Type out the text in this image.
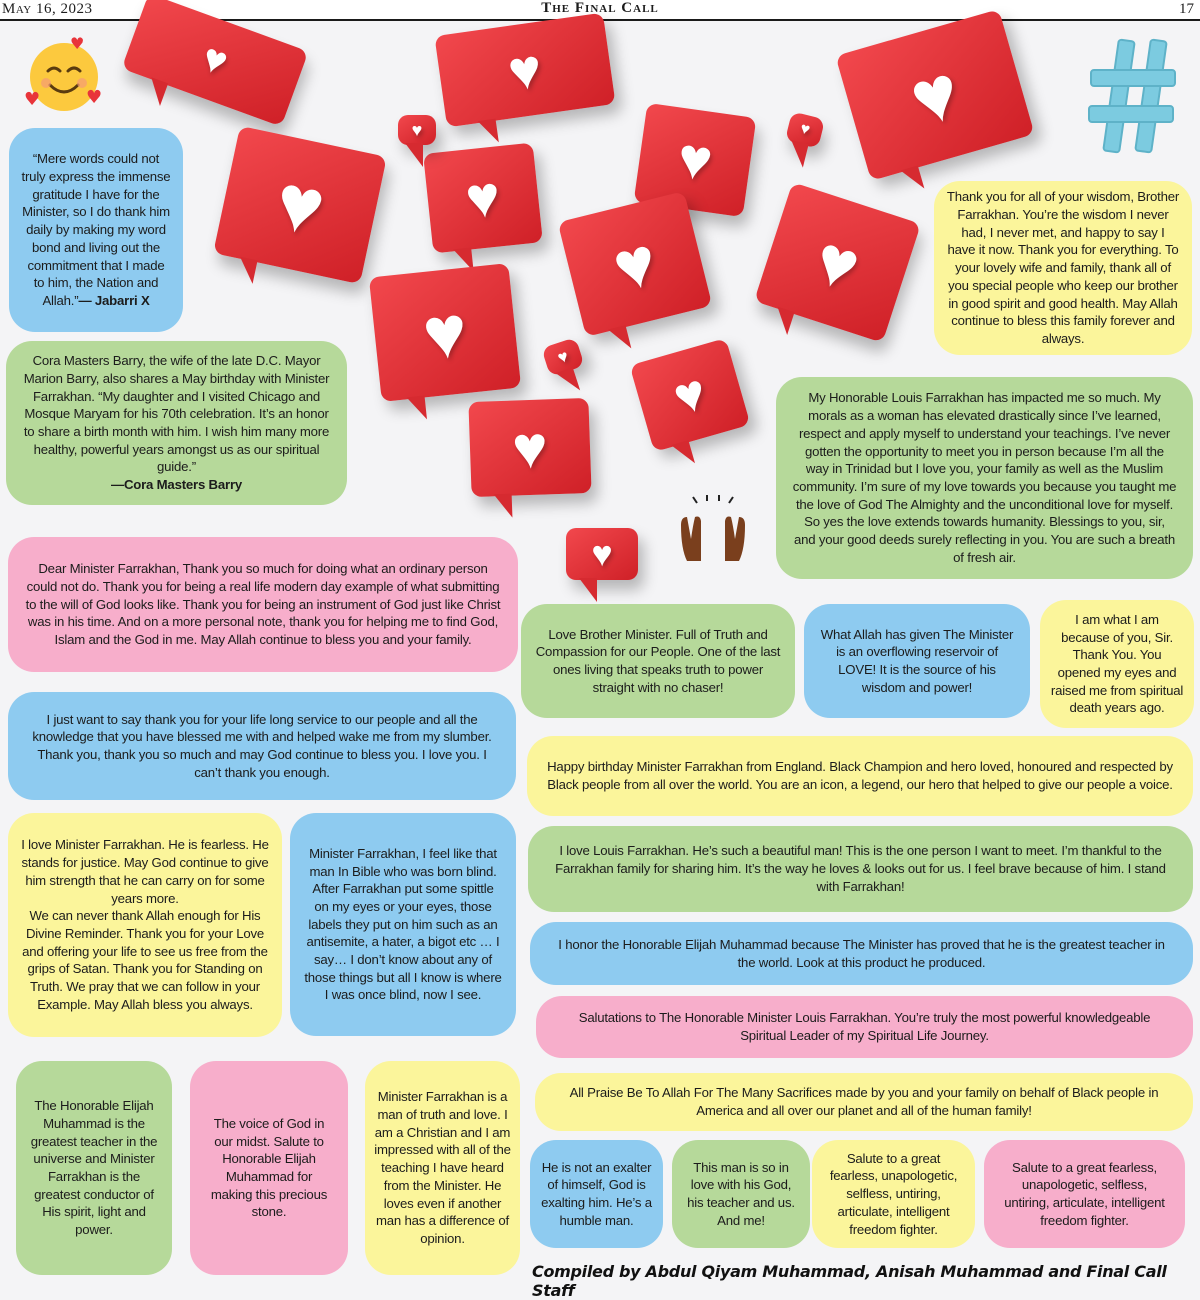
May 16, 2023	The Final Call	17
♥	♥	♥
♥ ♥
♥
♥ ♥
♥
♥
♥
♥	♥
♥
♥
♥
♥	♥

“Mere words could not truly express the immense gratitude I have for the Minister, so I do thank him daily by making my word bond and living out the commitment that I made to him, the Nation and Allah.”— Jabarri X

Thank you for all of your wisdom, Brother Farrakhan. You’re the wisdom I never had, I never met, and happy to say I have it now. Thank you for everything. To your lovely wife and family, thank all of you special people who keep our brother in good spirit and good health. May Allah continue to bless this family forever and always.

Cora Masters Barry, the wife of the late D.C. Mayor Marion Barry, also shares a May birthday with Minister Farrakhan. “My daughter and I visited Chicago and Mosque Maryam for his 70th celebration. It’s an honor to share a birth month with him. I wish him many more healthy, powerful years amongst us as our spiritual guide.”
—Cora Masters Barry

My Honorable Louis Farrakhan has impacted me so much. My morals as a woman has elevated drastically since I’ve learned, respect and apply myself to understand your teachings. I’ve never gotten the opportunity to meet you in person because I’m all the way in Trinidad but I love you, your family as well as the Muslim community. I’m sure of my love towards you because you taught me the love of God The Almighty and the unconditional love for myself. So yes the love extends towards humanity. Blessings to you, sir, and your good deeds surely reflecting in you. You are such a breath of fresh air.

Dear Minister Farrakhan, Thank you so much for doing what an ordinary person could not do. Thank you for being a real life modern day example of what submitting to the will of God looks like. Thank you for being an instrument of God just like Christ was in his time. And on a more personal note, thank you for helping me to find God, Islam and the God in me. May Allah continue to bless you and your family.	Love Brother Minister. Full of Truth and Compassion for our People. One of the last ones living that speaks truth to power straight with no chaser!

What Allah has given The Minister is an overflowing reservoir of LOVE! It is the source of his wisdom and power!

I am what I am because of you, Sir. Thank You. You opened my eyes and raised me from spiritual death years ago.

I just want to say thank you for your life long service to our people and all the knowledge that you have blessed me with and helped wake me from my slumber. Thank you, thank you so much and may God continue to bless you. I love you. I can’t thank you enough.	Happy birthday Minister Farrakhan from England. Black Champion and hero loved, honoured and respected by Black people from all over the world. You are an icon, a legend, our hero that helped to give our people a voice.

I love Minister Farrakhan. He is fearless. He stands for justice. May God continue to give him strength that he can carry on for some years more.
We can never thank Allah enough for His Divine Reminder. Thank you for your Love and offering your life to see us free from the grips of Satan. Thank you for Standing on Truth. We pray that we can follow in your Example. May Allah bless you always.

Minister Farrakhan, I feel like that man In Bible who was born blind. After Farrakhan put some spittle on my eyes or your eyes, those labels they put on him such as an antisemite, a hater, a bigot etc … I say… I don’t know about any of those things but all I know is where I was once blind, now I see.

I love Louis Farrakhan. He’s such a beautiful man! This is the one person I want to meet. I’m thankful to the Farrakhan family for sharing him. It’s the way he loves & looks out for us. I feel brave because of him. I stand with Farrakhan!

I honor the Honorable Elijah Muhammad because The Minister has proved that he is the greatest teacher in the world. Look at this product he produced.

Salutations to The Honorable Minister Louis Farrakhan. You’re truly the most powerful knowledgeable Spiritual Leader of my Spiritual Life Journey.

The Honorable Elijah Muhammad is the greatest teacher in the universe and Minister Farrakhan is the greatest conductor of His spirit, light and power.

The voice of God in our midst. Salute to Honorable Elijah Muhammad for making this precious stone.

Minister Farrakhan is a man of truth and love. I am a Christian and I am impressed with all of the teaching I have heard from the Minister. He loves even if another man has a difference of opinion.

All Praise Be To Allah For The Many Sacrifices made by you and your family on behalf of Black people in America and all over our planet and all of the human family!

He is not an exalter of himself, God is exalting him. He’s a humble man.

This man is so in love with his God, his teacher and us. And me!

Salute to a great fearless, unapologetic, selfless, untiring, articulate, intelligent freedom fighter.

Salute to a great fearless, unapologetic, selfless, untiring, articulate, intelligent freedom fighter.

Compiled by Abdul Qiyam Muhammad, Anisah Muhammad and Final Call Staff
